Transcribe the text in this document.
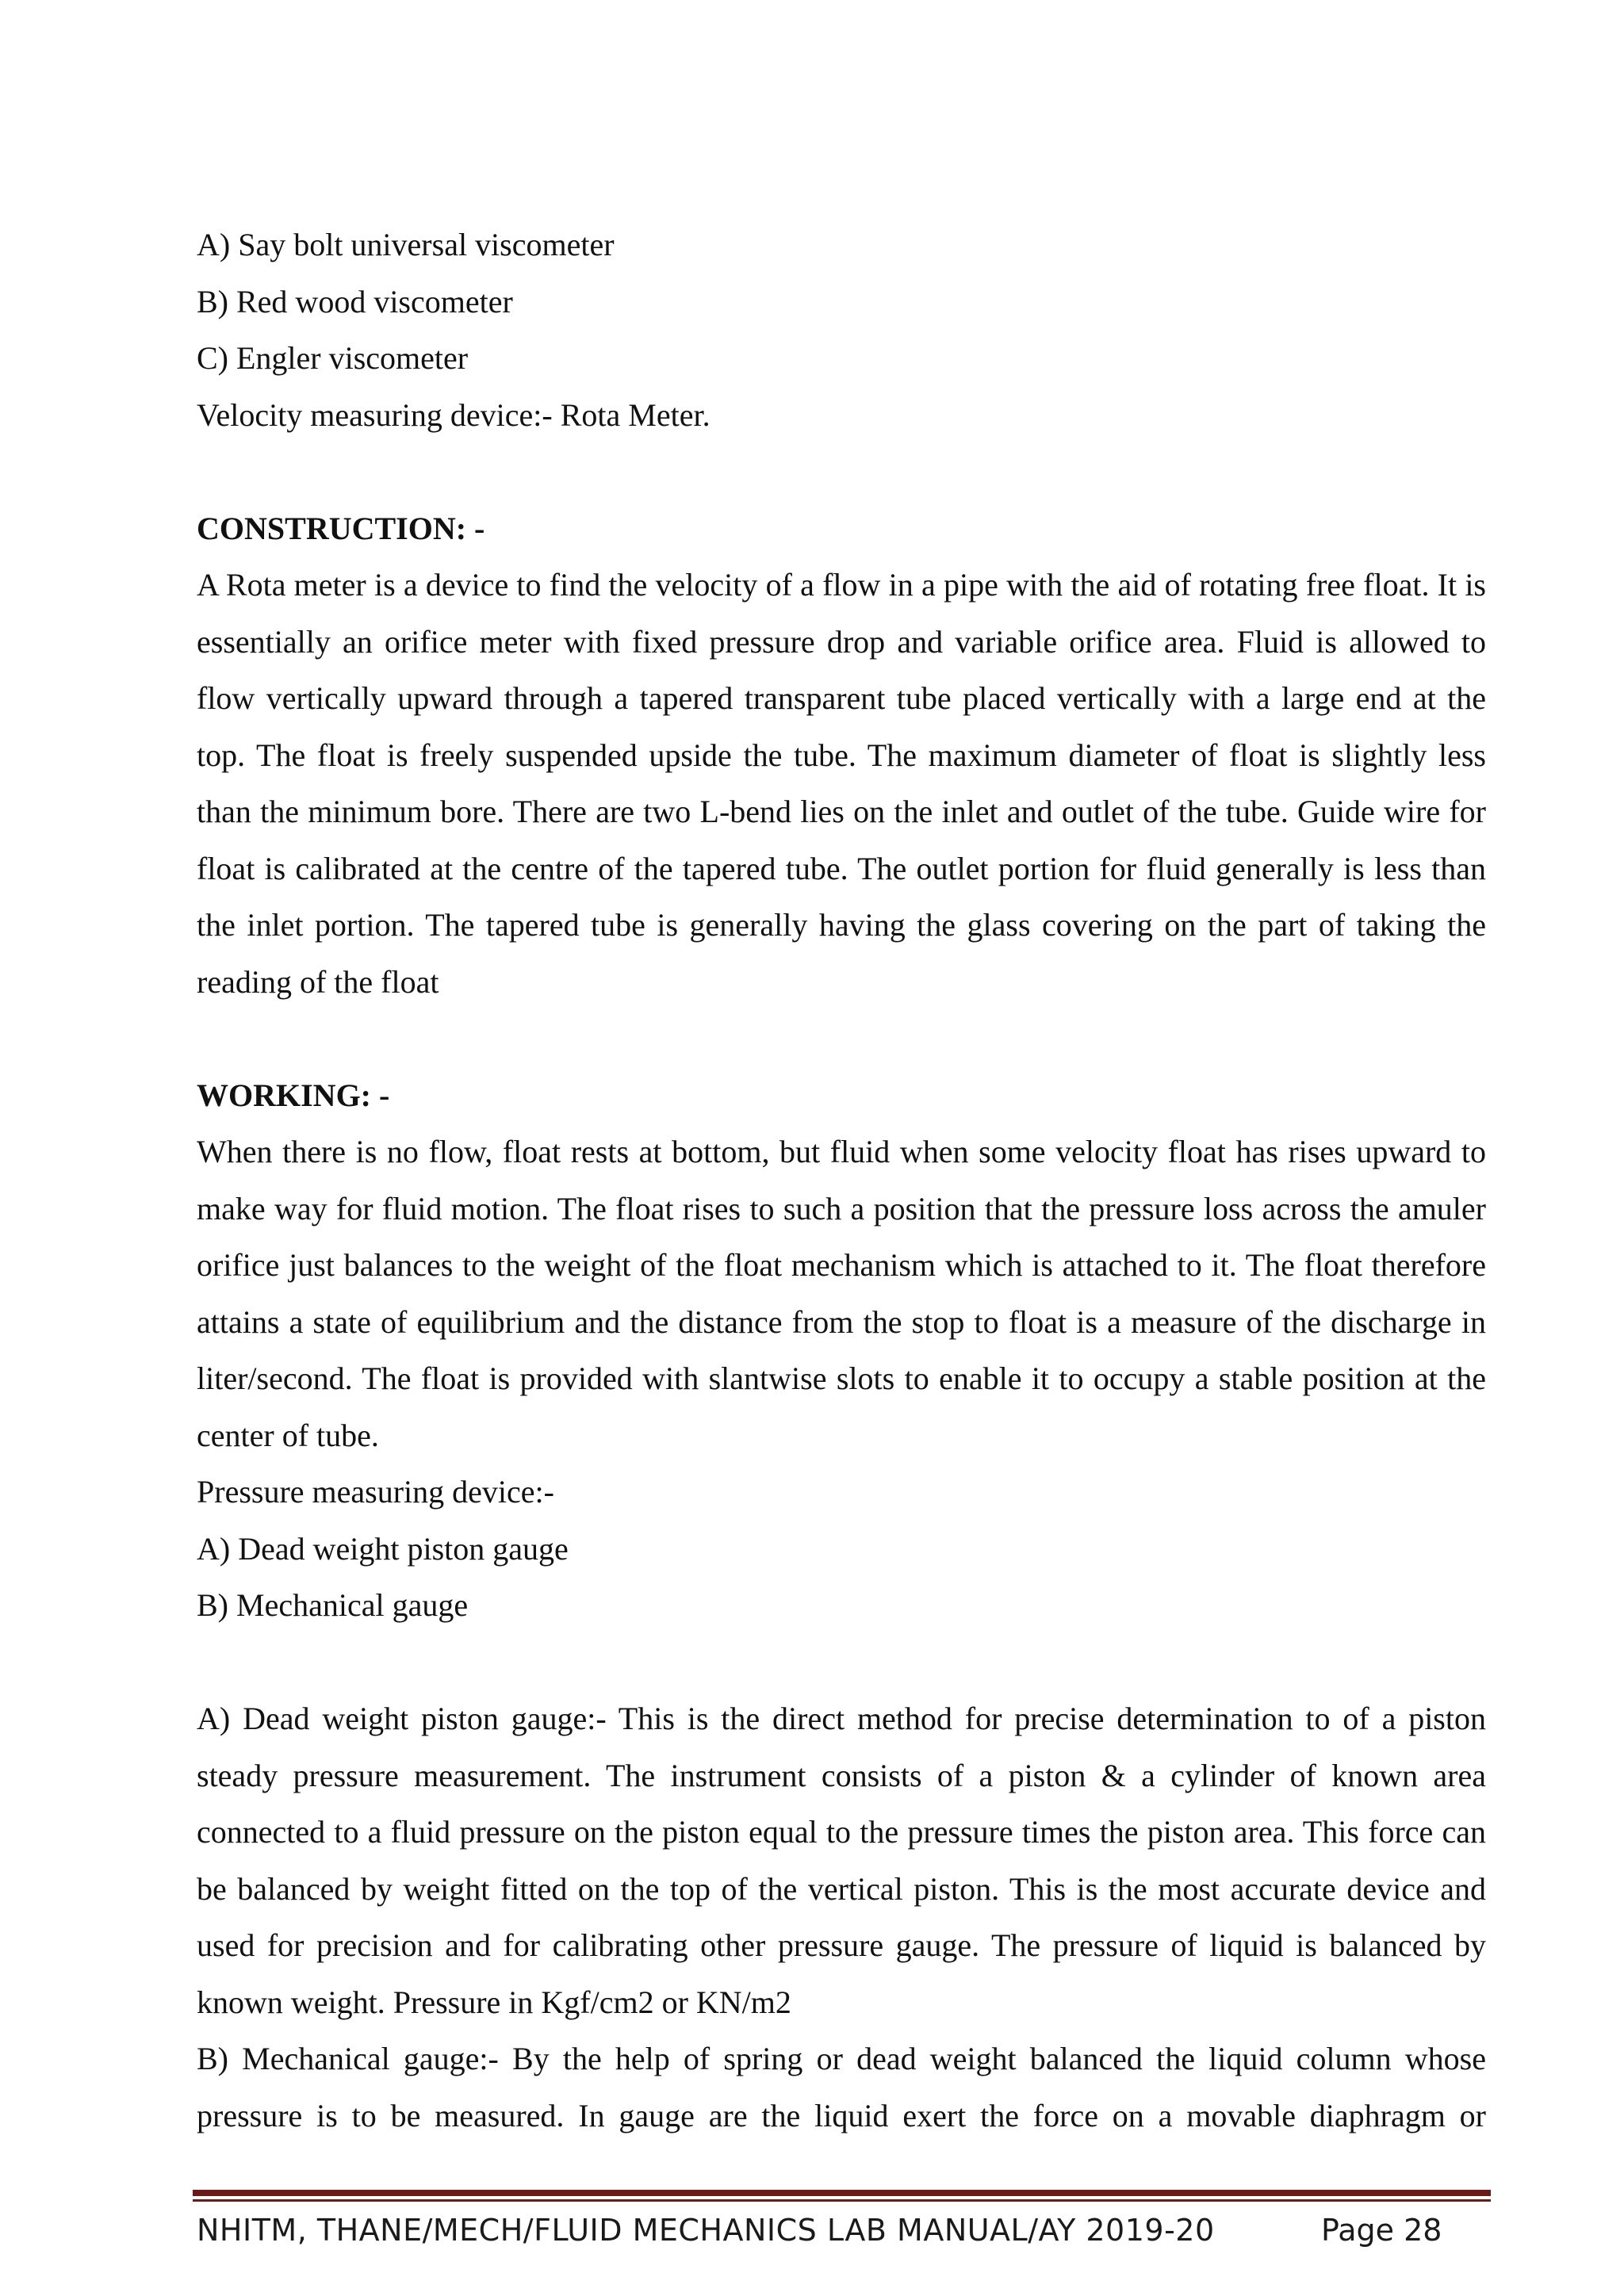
A) Say bolt universal viscometer

B) Red wood viscometer

C) Engler viscometer

Velocity measuring device:- Rota Meter.

CONSTRUCTION: -

A Rota meter is a device to find the velocity of a flow in a pipe with the aid of rotating free float. It is essentially an orifice meter with fixed pressure drop and variable orifice area. Fluid is allowed to flow vertically upward through a tapered transparent tube placed vertically with a large end at the top. The float is freely suspended upside the tube. The maximum diameter of float is slightly less than the minimum bore. There are two L-bend lies on the inlet and outlet of the tube. Guide wire for float is calibrated at the centre of the tapered tube. The outlet portion for fluid generally is less than the inlet portion. The tapered tube is generally having the glass covering on the part of taking the reading of the float

WORKING: -

When there is no flow, float rests at bottom, but fluid when some velocity float has rises upward to make way for fluid motion. The float rises to such a position that the pressure loss across the amuler orifice just balances to the weight of the float mechanism which is attached to it. The float therefore attains a state of equilibrium and the distance from the stop to float is a measure of the discharge in liter/second. The float is provided with slantwise slots to enable it to occupy a stable position at the center of tube.

Pressure measuring device:-

A) Dead weight piston gauge

B) Mechanical gauge

A) Dead weight piston gauge:- This is the direct method for precise determination to of a piston steady pressure measurement. The instrument consists of a piston & a cylinder of known area connected to a fluid pressure on the piston equal to the pressure times the piston area. This force can be balanced by weight fitted on the top of the vertical piston. This is the most accurate device and used for precision and for calibrating other pressure gauge. The pressure of liquid is balanced by known weight. Pressure in Kgf/cm2 or KN/m2

B) Mechanical gauge:- By the help of spring or dead weight balanced the liquid column whose pressure is to be measured. In gauge are the liquid exert the force on a movable diaphragm or

NHITM, THANE/MECH/FLUID MECHANICS LAB MANUAL/AY 2019-20	Page 28
